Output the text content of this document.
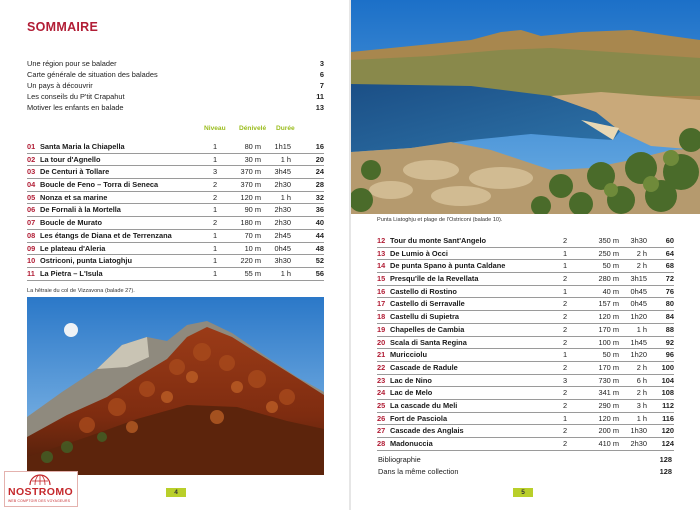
SOMMAIRE
Une région pour se balader	3
Carte générale de situation des balades	6
Un pays à découvrir	7
Les conseils du P'tit Crapahut	11
Motiver les enfants en balade	13
Niveau Dénivelé Durée
01 Santa Maria la Chiapella	1	80 m 1h15	16
02 La tour d'Agnello	1	30 m	1 h	20
03 De Centuri à Tollare	3	370 m 3h45	24
04 Boucle de Feno – Torra di Seneca	2	370 m 2h30	28
05 Nonza et sa marine	2	120 m	1 h	32
06 De Fornali à la Mortella	1	90 m 2h30	36
07 Boucle de Murato	2	180 m 2h30	40
08 Les étangs de Diana et de Terrenzana	1	70 m 2h45	44
09 Le plateau d'Aleria	1	10 m 0h45	48
10 Ostriconi, punta Liatoghju	1	220 m 3h30	52
11 La Pietra – L'Isula	1	55 m	1 h	56
La hêtraie du col de Vizzavona (balade 27).
4
NOSTROMO
WEB COMPTOIR DES VOYAGEURS
Punta Liatoghju et plage de l'Ostriconi (balade 10).
12 Tour du monte Sant'Angelo	2	350 m 3h30	60
13 De Lumio à Occi	1	250 m	2 h	64
14 De punta Spano à punta Caldane	1	50 m	2 h	68
15 Presqu'île de la Revellata	2	280 m 3h15	72
16 Castello di Rostino	1	40 m 0h45	76
17 Castello di Serravalle	2	157 m 0h45	80
18 Castellu di Supietra	2	120 m 1h20	84
19 Chapelles de Cambia	2	170 m	1 h	88
20 Scala di Santa Regina	2	100 m 1h45	92
21 Muricciolu	1	50 m 1h20	96
22 Cascade de Radule	2	170 m	2 h 100
23 Lac de Nino	3	730 m	6 h 104
24 Lac de Melo	2	341 m	2 h 108
25 La cascade du Meli	2	290 m	3 h 112
26 Fort de Pasciola	1	120 m	1 h 116
27 Cascade des Anglais	2	200 m 1h30 120
28 Madonuccia	2	410 m 2h30 124
5
Bibliographie	128
Dans la même collection	128
